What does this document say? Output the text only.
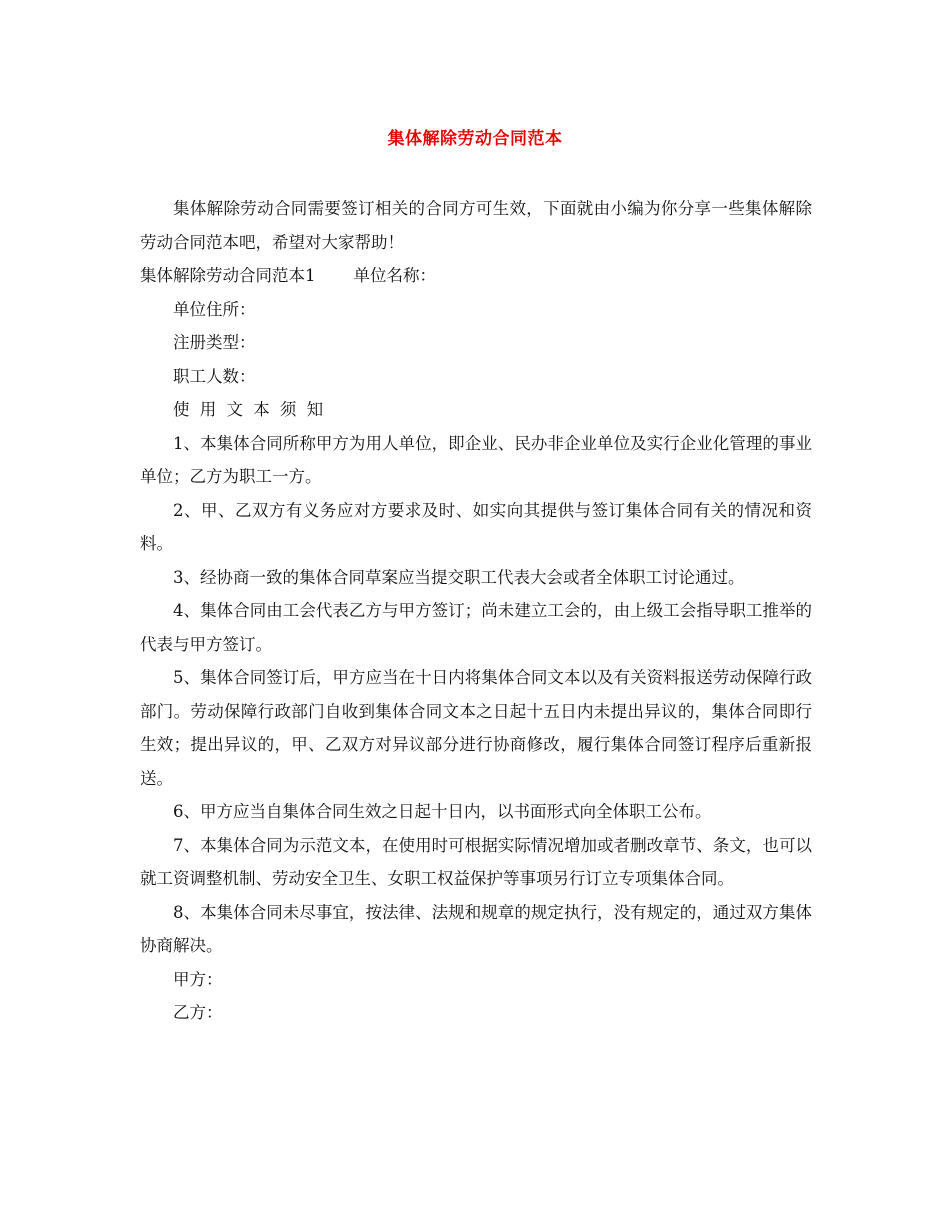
集体解除劳动合同范本

集体解除劳动合同需要签订相关的合同方可生效，下面就由小编为你分享一些集体解除劳动合同范本吧，希望对大家帮助！

集体解除劳动合同范本1 单位名称：

单位住所：

注册类型：

职工人数：

使用文本须知

1、本集体合同所称甲方为用人单位，即企业、民办非企业单位及实行企业化管理的事业单位；乙方为职工一方。

2、甲、乙双方有义务应对方要求及时、如实向其提供与签订集体合同有关的情况和资料。

3、经协商一致的集体合同草案应当提交职工代表大会或者全体职工讨论通过。

4、集体合同由工会代表乙方与甲方签订；尚未建立工会的，由上级工会指导职工推举的代表与甲方签订。

5、集体合同签订后，甲方应当在十日内将集体合同文本以及有关资料报送劳动保障行政部门。劳动保障行政部门自收到集体合同文本之日起十五日内未提出异议的，集体合同即行生效；提出异议的，甲、乙双方对异议部分进行协商修改，履行集体合同签订程序后重新报送。

6、甲方应当自集体合同生效之日起十日内，以书面形式向全体职工公布。

7、本集体合同为示范文本，在使用时可根据实际情况增加或者删改章节、条文，也可以就工资调整机制、劳动安全卫生、女职工权益保护等事项另行订立专项集体合同。

8、本集体合同未尽事宜，按法律、法规和规章的规定执行，没有规定的，通过双方集体协商解决。

甲方：

乙方：
